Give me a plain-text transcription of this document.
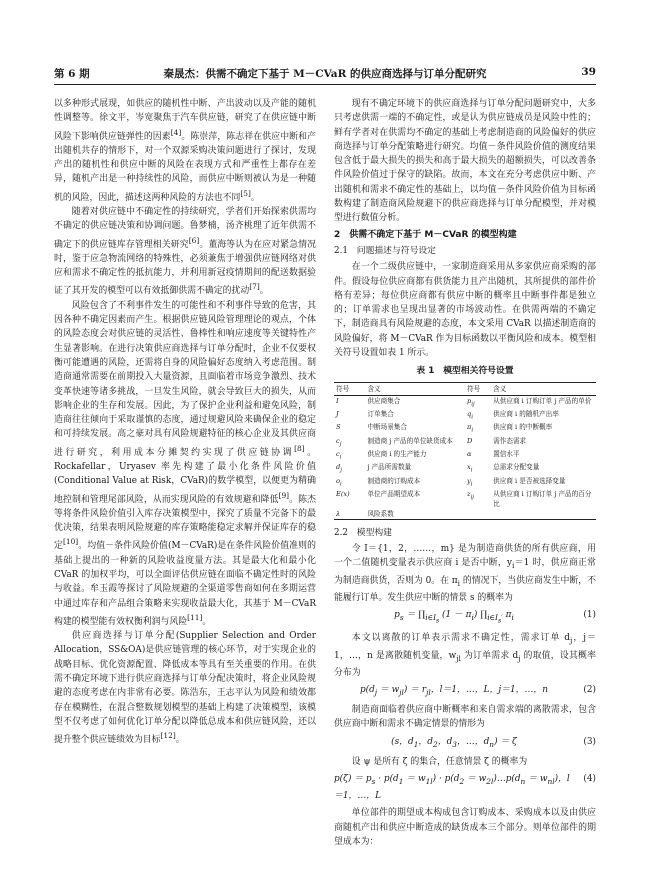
第 6 期	秦晟杰：供需不确定下基于 M－CVaR 的供应商选择与订单分配研究	39

以多种形式展现，如供应的随机性中断、产出波动以及产能的随机性调整等。徐文平，岑宽聚焦于汽车供应链，研究了在供应链中断风险下影响供应链弹性的因素[4]。陈崇萍，陈志祥在供应中断和产出随机共存的情形下，对一个双源采购决策问题进行了探讨，发现产出的随机性和供应中断的风险在表现方式和严重性上都存在差异，随机产出是一种持续性的风险，而供应中断则被认为是一种随机的风险，因此，描述这两种风险的方法也不同[5]。

随着对供应链中不确定性的持续研究，学者们开始探索供需均不确定的供应链决策和协调问题。鲁梦楠，汤齐桃理了近年供需不确定下的供应链库存管理相关研究[6]。董海等认为在应对紧急情况时，鉴于应急物流网络的特殊性，必须兼焦于增强供应链网络对供应和需求不确定性的抵抗能力，并利用新冠疫情期间的配送数据验证了其开发的模型可以有效抵御供需不确定的扰动[7]。

风险包含了不利事件发生的可能性和不利事件导致的危害，其因各种不确定因素而产生。根据供应链风险管理理论的观点，个体的风险态度会对供应链的灵活性、鲁棒性和响应速度等关键特性产生显著影响。在进行决策供应商选择与订单分配时，企业不仅要权衡可能遭遇的风险，还需将自身的风险偏好态度纳入考虑范围。制造商通常需要在前期投入大量资源，且面临着市场竞争激烈、技术变革快速等诸多挑战，一旦发生风险，就会导致巨大的损失，从而影响企业的生存和发展。因此，为了保护企业利益和避免风险，制造商往往倾向于采取谨慎的态度，通过规避风险来确保企业的稳定和可持续发展。高之豪对具有风险规避特征的核心企业及其供应商进行研究，利用成本分摊契约实现了供应链协调[8]。Rockafellar，Uryasev 率先构建了最小化条件风险价值(Conditional Value at Risk，CVaR)的数学模型，以便更为精确地控制和管理尾部风险，从而实现风险的有效规避和降低[9]。陈杰等将条件风险价值引入库存决策模型中，探究了质量不完备下的最优决策，结果表明风险规避的库存策略能稳定求解并保证库存的稳定[10]。均值－条件风险价值(M－CVaR)是在条件风险价值准则的基础上提出的一种新的风险收益度量方法。其是最大化和最小化 CVaR 的加权平均，可以全面评估供应链在面临不确定性时的风险与收益。牟玉霞等探讨了风险规避的全渠道零售商如何在多期运营中通过库存和产品组合策略来实现收益最大化，其基于 M－CVaR 构建的模型能有效权衡利润与风险[11]。

供应商选择与订单分配(Supplier Selection and Order Allocation，SS&OA)是供应链管理的核心环节，对于实现企业的战略目标、优化资源配置、降低成本等具有至关重要的作用。在供需不确定环境下进行供应商选择与订单分配决策时，将企业风险规避的态度考虑在内非常有必要。陈浩东，王志平认为风险和绩效都存在模糊性，在混合整数规划模型的基础上构建了决策模型，该模型不仅考虑了如何优化订单分配以降低总成本和供应链风险，还以提升整个供应链绩效为目标[12]。

现有不确定环境下的供应商选择与订单分配问题研究中，大多只考虑供需一端的不确定性，或是认为供应链成员是风险中性的；鲜有学者对在供需均不确定的基础上考虑制造商的风险偏好的供应商选择与订单分配策略进行研究。均值－条件风险价值的测度结果包含低于最大损失的损失和高于最大损失的超额损失，可以改善条件风险价值过于保守的缺陷。故而，本文在充分考虑供应中断、产出随机和需求不确定性的基础上，以均值－条件风险价值为目标函数构建了制造商风险规避下的供应商选择与订单分配模型，并对模型进行数值分析。

2　供需不确定下基于 M－CVaR 的模型构建
2.1　问题描述与符号设定

在一个二级供应链中，一家制造商采用从多家供应商采购的部件。假设每位供应商都有供货能力且产出随机，其所提供的部件价格有差异；每位供应商都有供应中断的概率且中断事件都是独立的；订单需求也呈现出显著的市场波动性。在供需两端的不确定下，制造商具有风险规避的态度，本文采用 CVaR 以描述制造商的风险偏好，将 M－CVaR 作为目标函数以平衡风险和成本。模型相关符号设置如表 1 所示。

表 1　模型相关符号设置
符号	含义	符号	含义
I	供应商集合	$p_{ij}$	从供应商 i 订购订单 j 产品的单价
J	订单集合	$q_i$	供应商 i 的随机产出率
S	中断场景集合	$\pi_i$	供应商 i 的中断概率
$c_j$	制造商 j 产品的单位缺货成本	D	需作态需求
$c_i$	供应商 i 的生产能力	α	置信水平
$d_j$	j 产品所需数量	$x_i$	总需求分配变量
$o_i$	制造商的订购成本	$y_i$	供应商 i 是否被选择变量
E(x)	单位产品期望成本	$z_{ij}$	从供应商 i 订购订单 j 产品的百分比
λ	风险系数		
2.2　模型构建

令 I＝{1，2，……，m} 是为制造商供货的所有供应商，用一个二值随机变量表示供应商 i 是否中断，$y_i=1$ 时，供应商正常为制造商供货，否则为 0。在 $\pi_i$ 的情况下，当供应商发生中断，不能履行订单。发生供应中断的情景 s 的概率为

$p_s$ ＝ $\prod_{i\in I_s}$ $(1 - \pi_i)$ $\prod_{i\in I_s'}$ $\pi_i$	(1)

本文以离散的订单表示需求不确定性，需求订单 $d_j$，j＝1，…，n 是离散随机变量，$w_{jl}$ 为订单需求 $d_j$ 的取值，设其概率分布为

$p(d_j = w_{jl}) = r_{jl}$，l＝1，…，L，j＝1，…，n	(2)

制造商面临着供应商中断概率和来自需求端的离散需求，包含供应商中断和需求不确定情景的情形为

(s，$d_1$，$d_2$，$d_3$，…，$d_n) = \zeta$	(3)

设 ψ 是所有 ζ 的集合，任意情景 ζ 的概率为

$p(\zeta) = p_s \cdot p(d_1 = w_{1l}) \cdot p(d_2$ ＝ $w_{2l})\dots p(d_n = w_{nl})$，l＝1，…，L
(4)

单位部件的期望成本构成包含订购成本、采购成本以及由供应商随机产出和供应中断造成的缺货成本三个部分。则单位部件的期望成本为：
